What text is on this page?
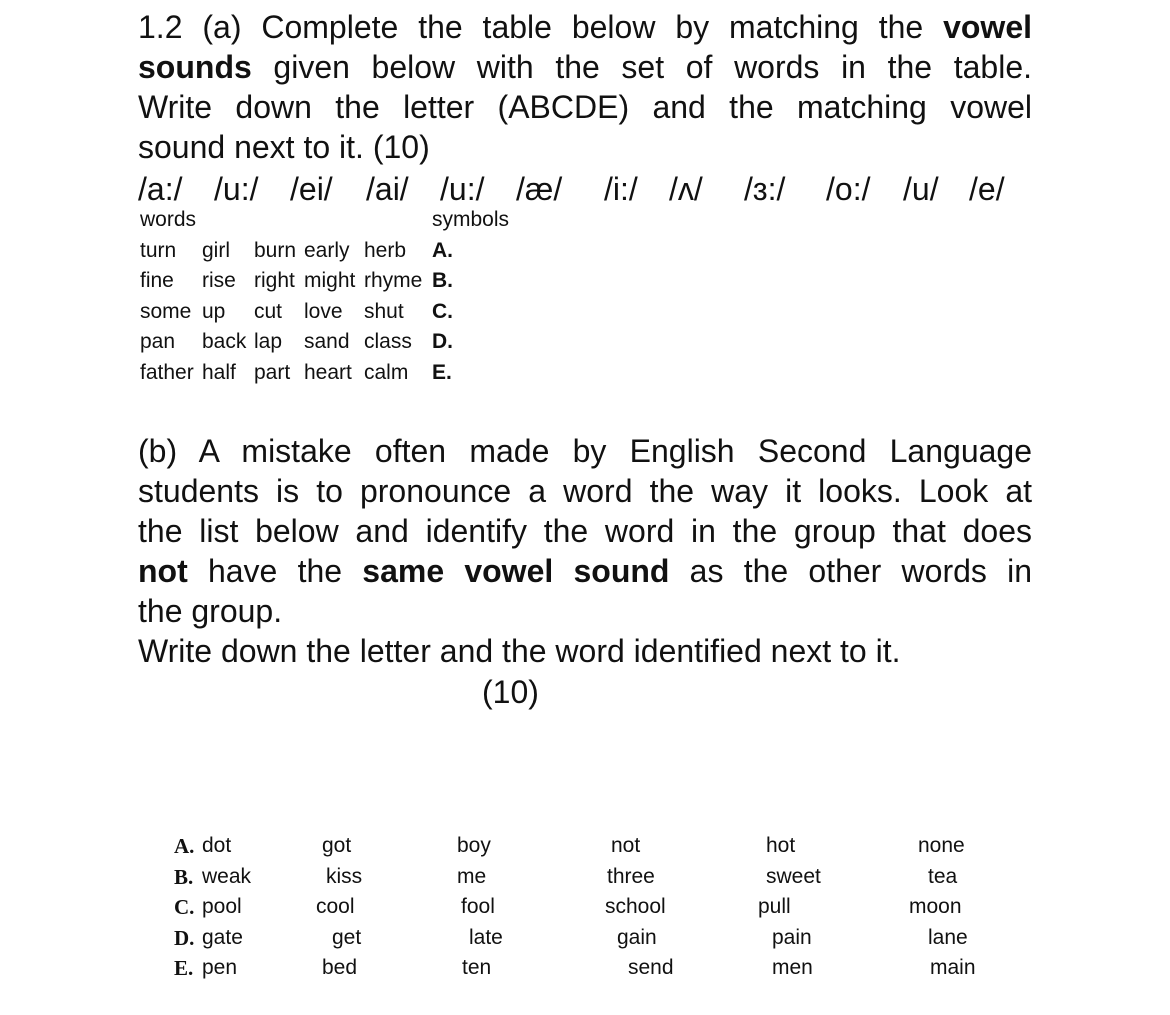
1.2 (a) Complete the table below by matching the vowel
sounds given below with the set of words in the table.
Write down the letter (ABCDE) and the matching vowel
sound next to it. (10)
/a:/ /u:/ /ei/ /ai/ /u:/ /æ/ /i:/ /ʌ/ /ɜ:/ /o:/ /u/ /e/
words	symbols
turn girl burn early herb A.
fine rise right might rhyme B.
some up cut love shut C.
pan back lap sand class D.
father half part heart calm E.
(b) A mistake often made by English Second Language
students is to pronounce a word the way it looks. Look at
the list below and identify the word in the group that does
not have the same vowel sound as the other words in
the group.
Write down the letter and the word identified next to it.
(10)
A. dot	got	boy	not	hot	none
B. weak	kiss	me	three	sweet	tea
C. pool	cool	fool	school	pull	moon
D. gate	get	late	gain	pain	lane
E. pen	bed	ten	send	men	main
